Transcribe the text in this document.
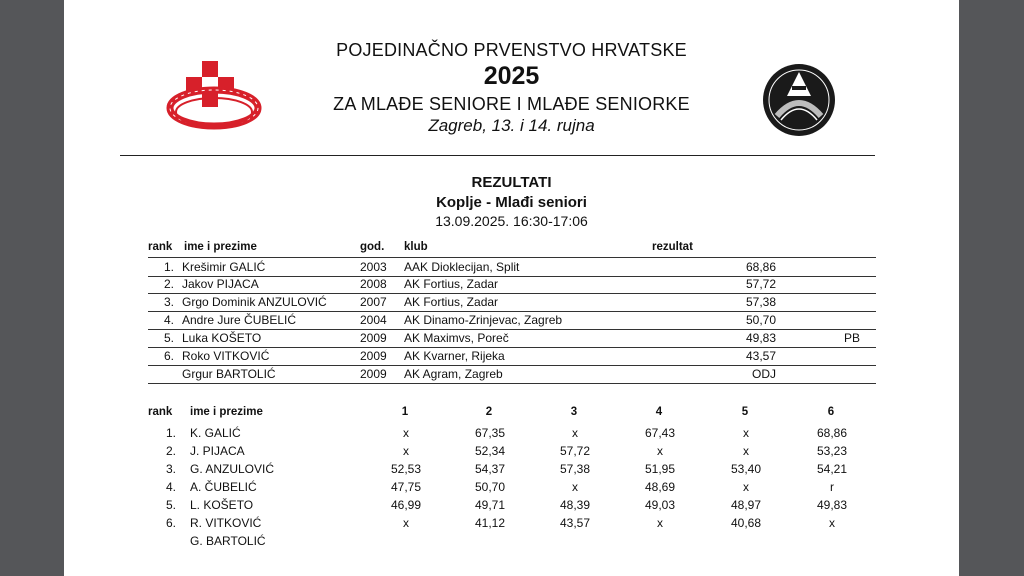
POJEDINAČNO PRVENSTVO HRVATSKE
2025
ZA MLAĐE SENIORE I MLAĐE SENIORKE
Zagreb, 13. i 14. rujna
REZULTATI
Koplje - Mlađi seniori
13.09.2025. 16:30-17:06
rank ime i prezime	god. klub	rezultat
1. Krešimir GALIĆ	2003 AAK Dioklecijan, Split	68,86
2. Jakov PIJACA	2008 AK Fortius, Zadar	57,72
3. Grgo Dominik ANZULOVIĆ	2007 AK Fortius, Zadar	57,38
4. Andre Jure ČUBELIĆ	2004 AK Dinamo-Zrinjevac, Zagreb	50,70
5. Luka KOŠETO	2009 AK Maximvs, Poreč	49,83	PB
6. Roko VITKOVIĆ	2009 AK Kvarner, Rijeka	43,57
Grgur BARTOLIĆ	2009 AK Agram, Zagreb	ODJ
rank ime i prezime	1	2	3	4	5	6
1. K. GALIĆ	x	67,35	x	67,43	x	68,86
2. J. PIJACA	x	52,34	57,72	x	x	53,23
3. G. ANZULOVIĆ	52,53	54,37	57,38	51,95	53,40	54,21
4. A. ČUBELIĆ	47,75	50,70	x	48,69	x	r
5. L. KOŠETO	46,99	49,71	48,39	49,03	48,97	49,83
6. R. VITKOVIĆ	x	41,12	43,57	x	40,68	x
G. BARTOLIĆ
